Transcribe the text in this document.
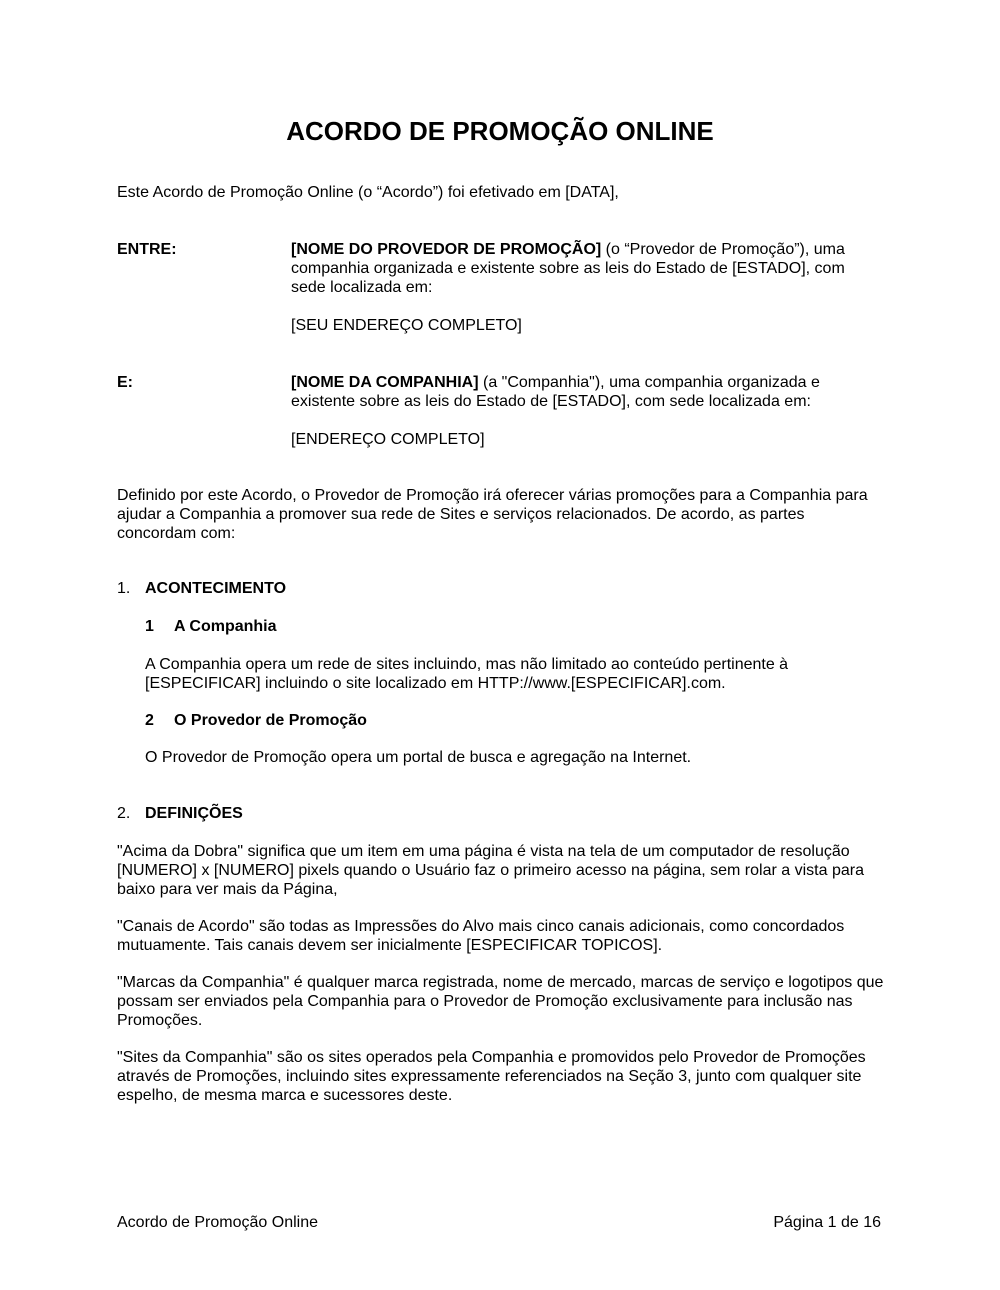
ACORDO DE PROMOÇÃO ONLINE

Este Acordo de Promoção Online (o “Acordo”) foi efetivado em [DATA],

ENTRE:	[NOME DO PROVEDOR DE PROMOÇÃO] (o “Provedor de Promoção”), uma companhia organizada e existente sobre as leis do Estado de [ESTADO], com sede localizada em:

[SEU ENDEREÇO COMPLETO]

E:	[NOME DA COMPANHIA] (a "Companhia"), uma companhia organizada e existente sobre as leis do Estado de [ESTADO], com sede localizada em:

[ENDEREÇO COMPLETO]

Definido por este Acordo, o Provedor de Promoção irá oferecer várias promoções para a Companhia para ajudar a Companhia a promover sua rede de Sites e serviços relacionados. De acordo, as partes concordam com:

1. ACONTECIMENTO

1 A Companhia

A Companhia opera um rede de sites incluindo, mas não limitado ao conteúdo pertinente à [ESPECIFICAR] incluindo o site localizado em HTTP://www.[ESPECIFICAR].com.

2 O Provedor de Promoção

O Provedor de Promoção opera um portal de busca e agregação na Internet.

2. DEFINIÇÕES

"Acima da Dobra" significa que um item em uma página é vista na tela de um computador de resolução [NUMERO] x [NUMERO] pixels quando o Usuário faz o primeiro acesso na página, sem rolar a vista para baixo para ver mais da Página,

"Canais de Acordo" são todas as Impressões do Alvo mais cinco canais adicionais, como concordados mutuamente. Tais canais devem ser inicialmente [ESPECIFICAR TOPICOS].

"Marcas da Companhia" é qualquer marca registrada, nome de mercado, marcas de serviço e logotipos que possam ser enviados pela Companhia para o Provedor de Promoção exclusivamente para inclusão nas Promoções.

"Sites da Companhia" são os sites operados pela Companhia e promovidos pelo Provedor de Promoções através de Promoções, incluindo sites expressamente referenciados na Seção 3, junto com qualquer site espelho, de mesma marca e sucessores deste.

Acordo de Promoção Online	Página 1 de 16
